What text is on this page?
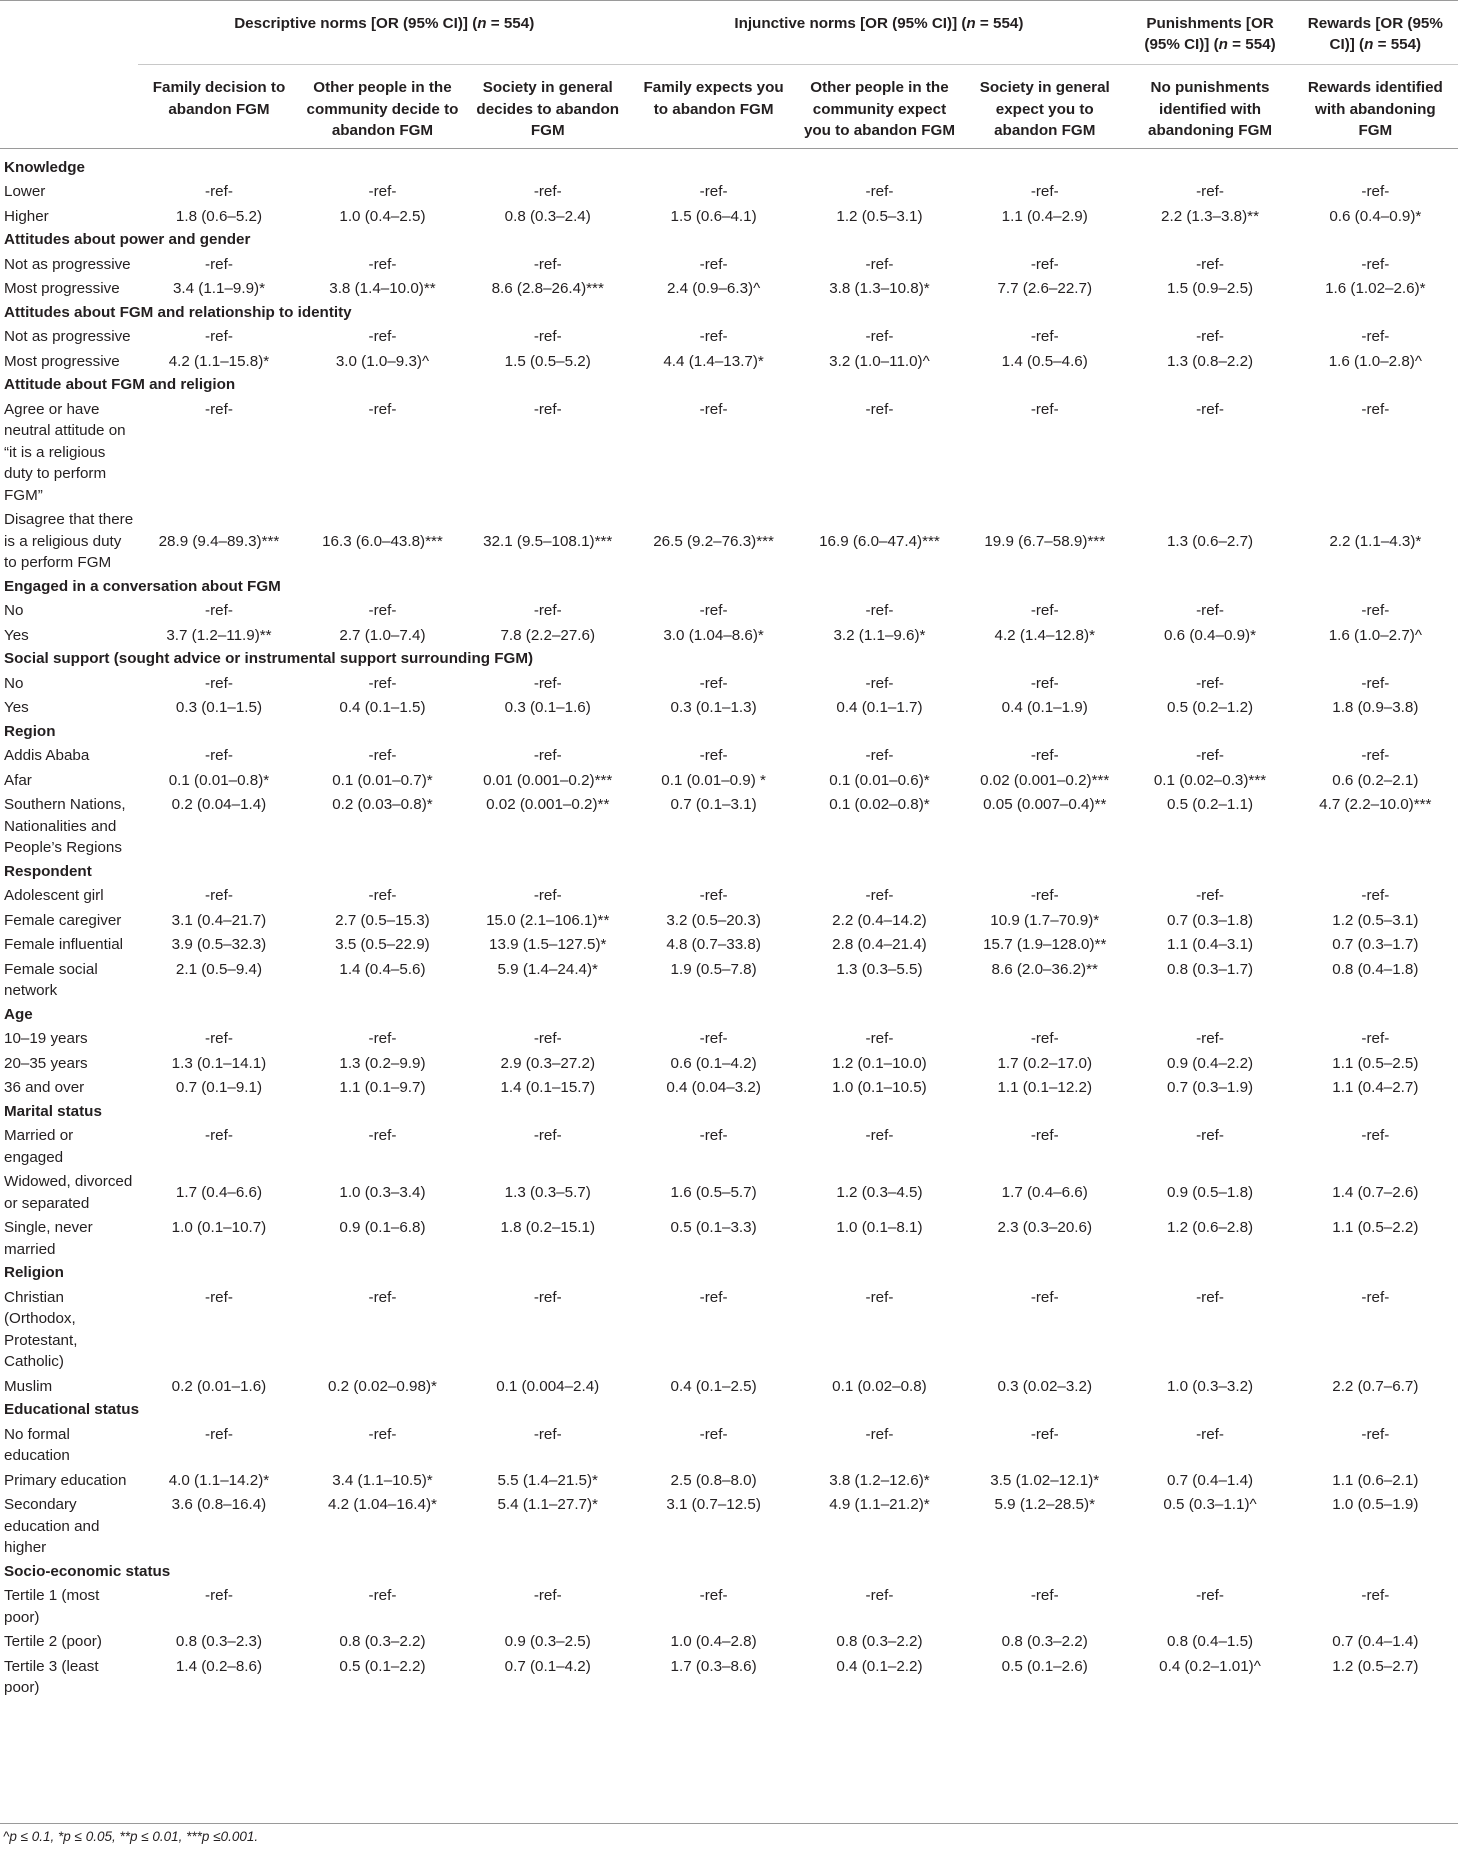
	Descriptive norms [OR (95% CI)] (n = 554)			Injunctive norms [OR (95% CI)] (n = 554)			Punishments [OR (95% CI)] (n = 554)	Rewards [OR (95% CI)] (n = 554)
	Family decision to abandon FGM	Other people in the community decide to abandon FGM	Society in general decides to abandon FGM	Family expects you to abandon FGM	Other people in the community expect you to abandon FGM	Society in general expect you to abandon FGM	No punishments identified with abandoning FGM	Rewards identified with abandoning FGM
Knowledge								
Lower	-ref-	-ref-	-ref-	-ref-	-ref-	-ref-	-ref-	-ref-
Higher	1.8 (0.6–5.2)	1.0 (0.4–2.5)	0.8 (0.3–2.4)	1.5 (0.6–4.1)	1.2 (0.5–3.1)	1.1 (0.4–2.9)	2.2 (1.3–3.8)**	0.6 (0.4–0.9)*
Attitudes about power and gender								
Not as progressive	-ref-	-ref-	-ref-	-ref-	-ref-	-ref-	-ref-	-ref-
Most progressive	3.4 (1.1–9.9)*	3.8 (1.4–10.0)**	8.6 (2.8–26.4)***	2.4 (0.9–6.3)^	3.8 (1.3–10.8)*	7.7 (2.6–22.7)	1.5 (0.9–2.5)	1.6 (1.02–2.6)*
Attitudes about FGM and relationship to identity								
Not as progressive	-ref-	-ref-	-ref-	-ref-	-ref-	-ref-	-ref-	-ref-
Most progressive	4.2 (1.1–15.8)*	3.0 (1.0–9.3)^	1.5 (0.5–5.2)	4.4 (1.4–13.7)*	3.2 (1.0–11.0)^	1.4 (0.5–4.6)	1.3 (0.8–2.2)	1.6 (1.0–2.8)^
Attitude about FGM and religion								
Agree or have neutral attitude on “it is a religious duty to perform FGM”	-ref-	-ref-	-ref-	-ref-	-ref-	-ref-	-ref-	-ref-
Disagree that there is a religious duty to perform FGM	28.9 (9.4–89.3)***	16.3 (6.0–43.8)***	32.1 (9.5–108.1)***	26.5 (9.2–76.3)***	16.9 (6.0–47.4)***	19.9 (6.7–58.9)***	1.3 (0.6–2.7)	2.2 (1.1–4.3)*
Engaged in a conversation about FGM								
No	-ref-	-ref-	-ref-	-ref-	-ref-	-ref-	-ref-	-ref-
Yes	3.7 (1.2–11.9)**	2.7 (1.0–7.4)	7.8 (2.2–27.6)	3.0 (1.04–8.6)*	3.2 (1.1–9.6)*	4.2 (1.4–12.8)*	0.6 (0.4–0.9)*	1.6 (1.0–2.7)^
Social support (sought advice or instrumental support surrounding FGM)								
No	-ref-	-ref-	-ref-	-ref-	-ref-	-ref-	-ref-	-ref-
Yes	0.3 (0.1–1.5)	0.4 (0.1–1.5)	0.3 (0.1–1.6)	0.3 (0.1–1.3)	0.4 (0.1–1.7)	0.4 (0.1–1.9)	0.5 (0.2–1.2)	1.8 (0.9–3.8)
Region								
Addis Ababa	-ref-	-ref-	-ref-	-ref-	-ref-	-ref-	-ref-	-ref-
Afar	0.1 (0.01–0.8)*	0.1 (0.01–0.7)*	0.01 (0.001–0.2)***	0.1 (0.01–0.9) *	0.1 (0.01–0.6)*	0.02 (0.001–0.2)***	0.1 (0.02–0.3)***	0.6 (0.2–2.1)
Southern Nations, Nationalities and People’s Regions	0.2 (0.04–1.4)	0.2 (0.03–0.8)*	0.02 (0.001–0.2)**	0.7 (0.1–3.1)	0.1 (0.02–0.8)*	0.05 (0.007–0.4)**	0.5 (0.2–1.1)	4.7 (2.2–10.0)***
Respondent								
Adolescent girl	-ref-	-ref-	-ref-	-ref-	-ref-	-ref-	-ref-	-ref-
Female caregiver	3.1 (0.4–21.7)	2.7 (0.5–15.3)	15.0 (2.1–106.1)**	3.2 (0.5–20.3)	2.2 (0.4–14.2)	10.9 (1.7–70.9)*	0.7 (0.3–1.8)	1.2 (0.5–3.1)
Female influential	3.9 (0.5–32.3)	3.5 (0.5–22.9)	13.9 (1.5–127.5)*	4.8 (0.7–33.8)	2.8 (0.4–21.4)	15.7 (1.9–128.0)**	1.1 (0.4–3.1)	0.7 (0.3–1.7)
Female social network	2.1 (0.5–9.4)	1.4 (0.4–5.6)	5.9 (1.4–24.4)*	1.9 (0.5–7.8)	1.3 (0.3–5.5)	8.6 (2.0–36.2)**	0.8 (0.3–1.7)	0.8 (0.4–1.8)
Age								
10–19 years	-ref-	-ref-	-ref-	-ref-	-ref-	-ref-	-ref-	-ref-
20–35 years	1.3 (0.1–14.1)	1.3 (0.2–9.9)	2.9 (0.3–27.2)	0.6 (0.1–4.2)	1.2 (0.1–10.0)	1.7 (0.2–17.0)	0.9 (0.4–2.2)	1.1 (0.5–2.5)
36 and over	0.7 (0.1–9.1)	1.1 (0.1–9.7)	1.4 (0.1–15.7)	0.4 (0.04–3.2)	1.0 (0.1–10.5)	1.1 (0.1–12.2)	0.7 (0.3–1.9)	1.1 (0.4–2.7)
Marital status								
Married or engaged	-ref-	-ref-	-ref-	-ref-	-ref-	-ref-	-ref-	-ref-
Widowed, divorced or separated	1.7 (0.4–6.6)	1.0 (0.3–3.4)	1.3 (0.3–5.7)	1.6 (0.5–5.7)	1.2 (0.3–4.5)	1.7 (0.4–6.6)	0.9 (0.5–1.8)	1.4 (0.7–2.6)
Single, never married	1.0 (0.1–10.7)	0.9 (0.1–6.8)	1.8 (0.2–15.1)	0.5 (0.1–3.3)	1.0 (0.1–8.1)	2.3 (0.3–20.6)	1.2 (0.6–2.8)	1.1 (0.5–2.2)
Religion								
Christian (Orthodox, Protestant, Catholic)	-ref-	-ref-	-ref-	-ref-	-ref-	-ref-	-ref-	-ref-
Muslim	0.2 (0.01–1.6)	0.2 (0.02–0.98)*	0.1 (0.004–2.4)	0.4 (0.1–2.5)	0.1 (0.02–0.8)	0.3 (0.02–3.2)	1.0 (0.3–3.2)	2.2 (0.7–6.7)
Educational status								
No formal education	-ref-	-ref-	-ref-	-ref-	-ref-	-ref-	-ref-	-ref-
Primary education	4.0 (1.1–14.2)*	3.4 (1.1–10.5)*	5.5 (1.4–21.5)*	2.5 (0.8–8.0)	3.8 (1.2–12.6)*	3.5 (1.02–12.1)*	0.7 (0.4–1.4)	1.1 (0.6–2.1)
Secondary education and higher	3.6 (0.8–16.4)	4.2 (1.04–16.4)*	5.4 (1.1–27.7)*	3.1 (0.7–12.5)	4.9 (1.1–21.2)*	5.9 (1.2–28.5)*	0.5 (0.3–1.1)^	1.0 (0.5–1.9)
Socio-economic status								
Tertile 1 (most poor)	-ref-	-ref-	-ref-	-ref-	-ref-	-ref-	-ref-	-ref-
Tertile 2 (poor)	0.8 (0.3–2.3)	0.8 (0.3–2.2)	0.9 (0.3–2.5)	1.0 (0.4–2.8)	0.8 (0.3–2.2)	0.8 (0.3–2.2)	0.8 (0.4–1.5)	0.7 (0.4–1.4)
Tertile 3 (least poor)	1.4 (0.2–8.6)	0.5 (0.1–2.2)	0.7 (0.1–4.2)	1.7 (0.3–8.6)	0.4 (0.1–2.2)	0.5 (0.1–2.6)	0.4 (0.2–1.01)^	1.2 (0.5–2.7)
^p ≤ 0.1, *p ≤ 0.05, **p ≤ 0.01, ***p ≤0.001.
